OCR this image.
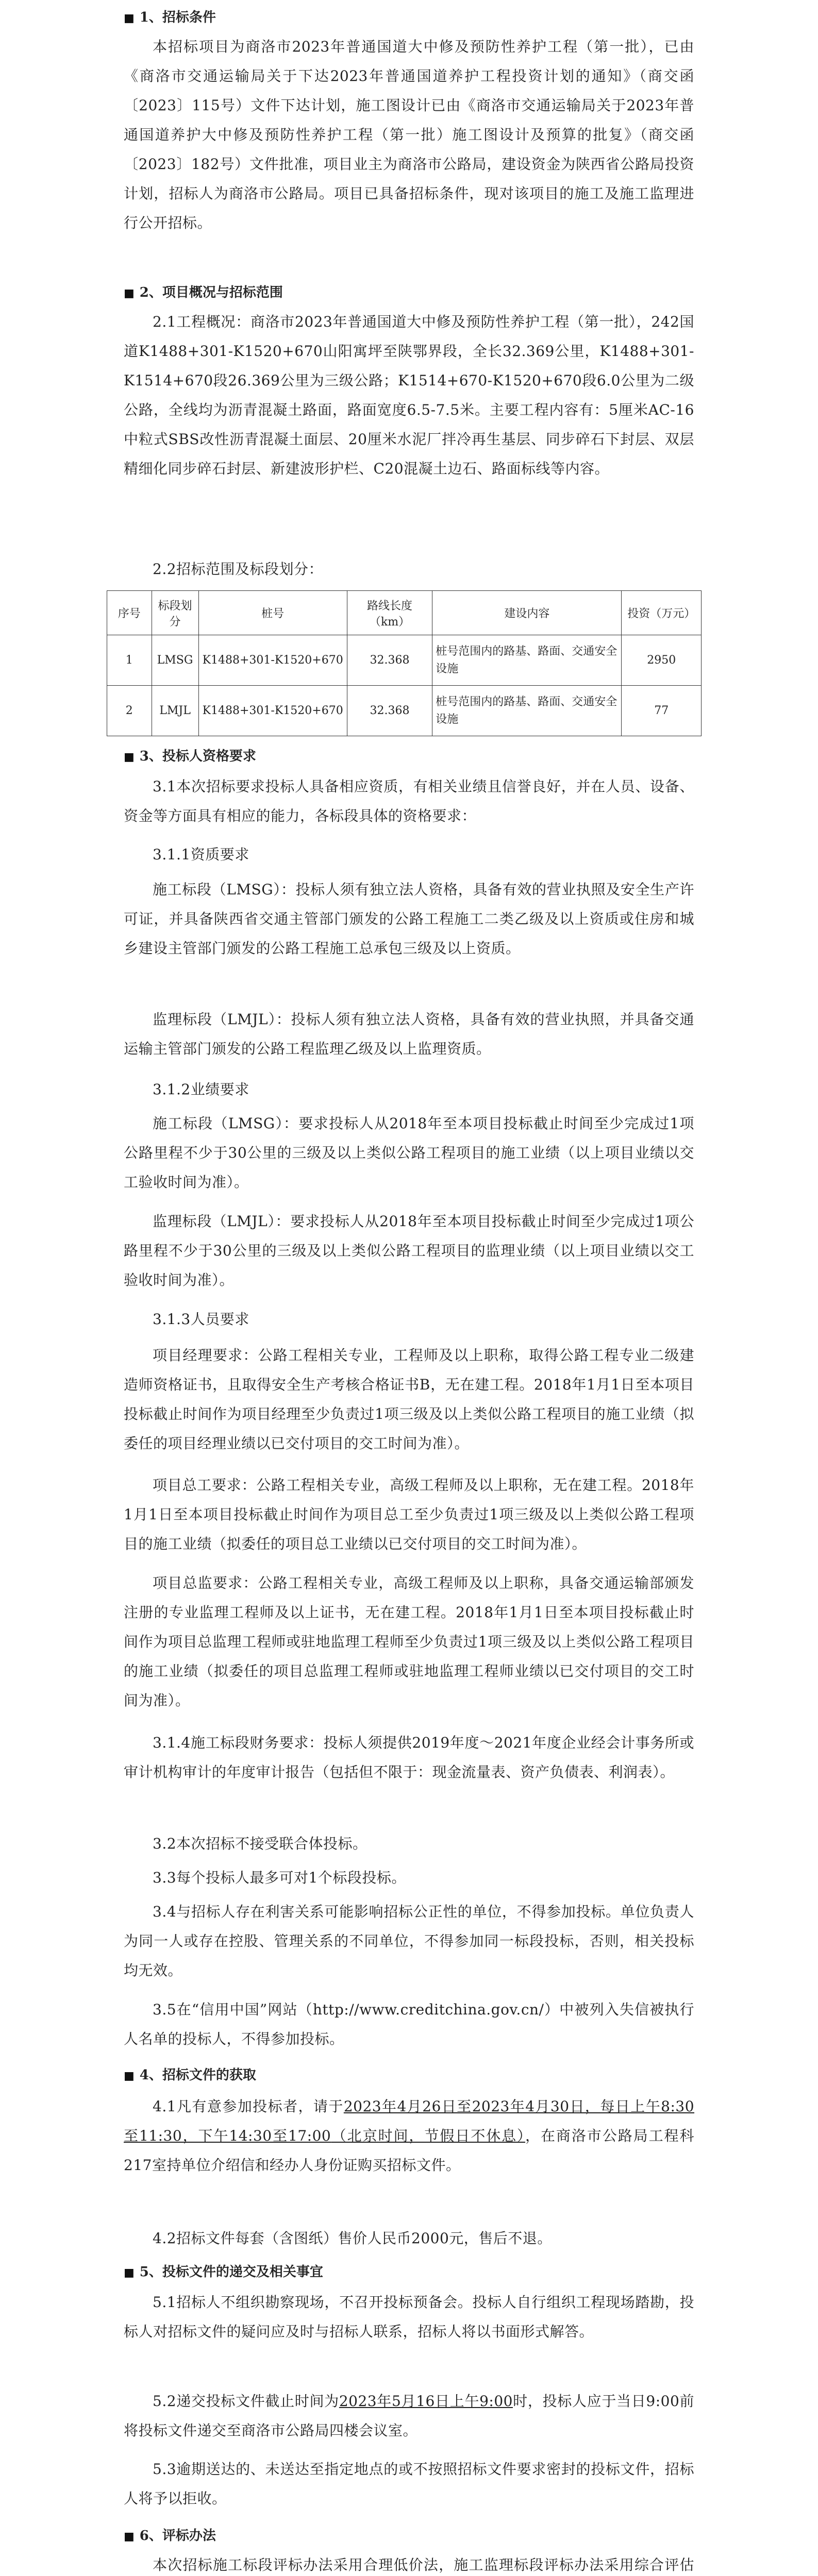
■ 1、招标条件
本招标项目为商洛市2023年普通国道大中修及预防性养护工程（第一批），已由《商洛市交通运输局关于下达2023年普通国道养护工程投资计划的通知》（商交函〔2023〕115号）文件下达计划，施工图设计已由《商洛市交通运输局关于2023年普通国道养护大中修及预防性养护工程（第一批）施工图设计及预算的批复》（商交函〔2023〕182号）文件批准，项目业主为商洛市公路局，建设资金为陕西省公路局投资计划，招标人为商洛市公路局。项目已具备招标条件，现对该项目的施工及施工监理进行公开招标。
■ 2、项目概况与招标范围
2.1工程概况：商洛市2023年普通国道大中修及预防性养护工程（第一批），242国道K1488+301-K1520+670山阳寓坪至陕鄂界段，全长32.369公里，K1488+301-K1514+670段26.369公里为三级公路；K1514+670-K1520+670段6.0公里为二级公路，全线均为沥青混凝土路面，路面宽度6.5-7.5米。主要工程内容有：5厘米AC-16中粒式SBS改性沥青混凝土面层、20厘米水泥厂拌冷再生基层、同步碎石下封层、双层精细化同步碎石封层、新建波形护栏、C20混凝土边石、路面标线等内容。
2.2招标范围及标段划分：
序号	标段划分	桩号	路线长度（km）	建设内容	投资（万元）
1	LMSG	K1488+301-K1520+670	32.368	桩号范围内的路基、路面、交通安全设施	2950
2	LMJL	K1488+301-K1520+670	32.368	桩号范围内的路基、路面、交通安全设施	77
■ 3、投标人资格要求
3.1本次招标要求投标人具备相应资质，有相关业绩且信誉良好，并在人员、设备、资金等方面具有相应的能力，各标段具体的资格要求：
3.1.1资质要求
施工标段（LMSG）：投标人须有独立法人资格，具备有效的营业执照及安全生产许可证，并具备陕西省交通主管部门颁发的公路工程施工二类乙级及以上资质或住房和城乡建设主管部门颁发的公路工程施工总承包三级及以上资质。
监理标段（LMJL）：投标人须有独立法人资格，具备有效的营业执照，并具备交通运输主管部门颁发的公路工程监理乙级及以上监理资质。
3.1.2业绩要求
施工标段（LMSG）：要求投标人从2018年至本项目投标截止时间至少完成过1项公路里程不少于30公里的三级及以上类似公路工程项目的施工业绩（以上项目业绩以交工验收时间为准）。
监理标段（LMJL）：要求投标人从2018年至本项目投标截止时间至少完成过1项公路里程不少于30公里的三级及以上类似公路工程项目的监理业绩（以上项目业绩以交工验收时间为准）。
3.1.3人员要求
项目经理要求：公路工程相关专业，工程师及以上职称，取得公路工程专业二级建造师资格证书，且取得安全生产考核合格证书B，无在建工程。2018年1月1日至本项目投标截止时间作为项目经理至少负责过1项三级及以上类似公路工程项目的施工业绩（拟委任的项目经理业绩以已交付项目的交工时间为准）。
项目总工要求：公路工程相关专业，高级工程师及以上职称，无在建工程。2018年1月1日至本项目投标截止时间作为项目总工至少负责过1项三级及以上类似公路工程项目的施工业绩（拟委任的项目总工业绩以已交付项目的交工时间为准）。
项目总监要求：公路工程相关专业，高级工程师及以上职称，具备交通运输部颁发注册的专业监理工程师及以上证书，无在建工程。2018年1月1日至本项目投标截止时间作为项目总监理工程师或驻地监理工程师至少负责过1项三级及以上类似公路工程项目的施工业绩（拟委任的项目总监理工程师或驻地监理工程师业绩以已交付项目的交工时间为准）。
3.1.4施工标段财务要求：投标人须提供2019年度～2021年度企业经会计事务所或审计机构审计的年度审计报告（包括但不限于：现金流量表、资产负债表、利润表）。
3.2本次招标不接受联合体投标。
3.3每个投标人最多可对1个标段投标。
3.4与招标人存在利害关系可能影响招标公正性的单位，不得参加投标。单位负责人为同一人或存在控股、管理关系的不同单位，不得参加同一标段投标，否则，相关投标均无效。
3.5在“信用中国”网站（http://www.creditchina.gov.cn/）中被列入失信被执行人名单的投标人，不得参加投标。
■ 4、招标文件的获取
4.1凡有意参加投标者，请于2023年4月26日至2023年4月30日，每日上午8:30至11:30，下午14:30至17:00（北京时间，节假日不休息），在商洛市公路局工程科217室持单位介绍信和经办人身份证购买招标文件。
4.2招标文件每套（含图纸）售价人民币2000元，售后不退。
■ 5、投标文件的递交及相关事宜
5.1招标人不组织勘察现场，不召开投标预备会。投标人自行组织工程现场踏勘，投标人对招标文件的疑问应及时与招标人联系，招标人将以书面形式解答。
5.2递交投标文件截止时间为2023年5月16日上午9:00时，投标人应于当日9:00前将投标文件递交至商洛市公路局四楼会议室。
5.3逾期送达的、未送达至指定地点的或不按照招标文件要求密封的投标文件，招标人将予以拒收。
■ 6、评标办法
本次招标施工标段评标办法采用合理低价法，施工监理标段评标办法采用综合评估
